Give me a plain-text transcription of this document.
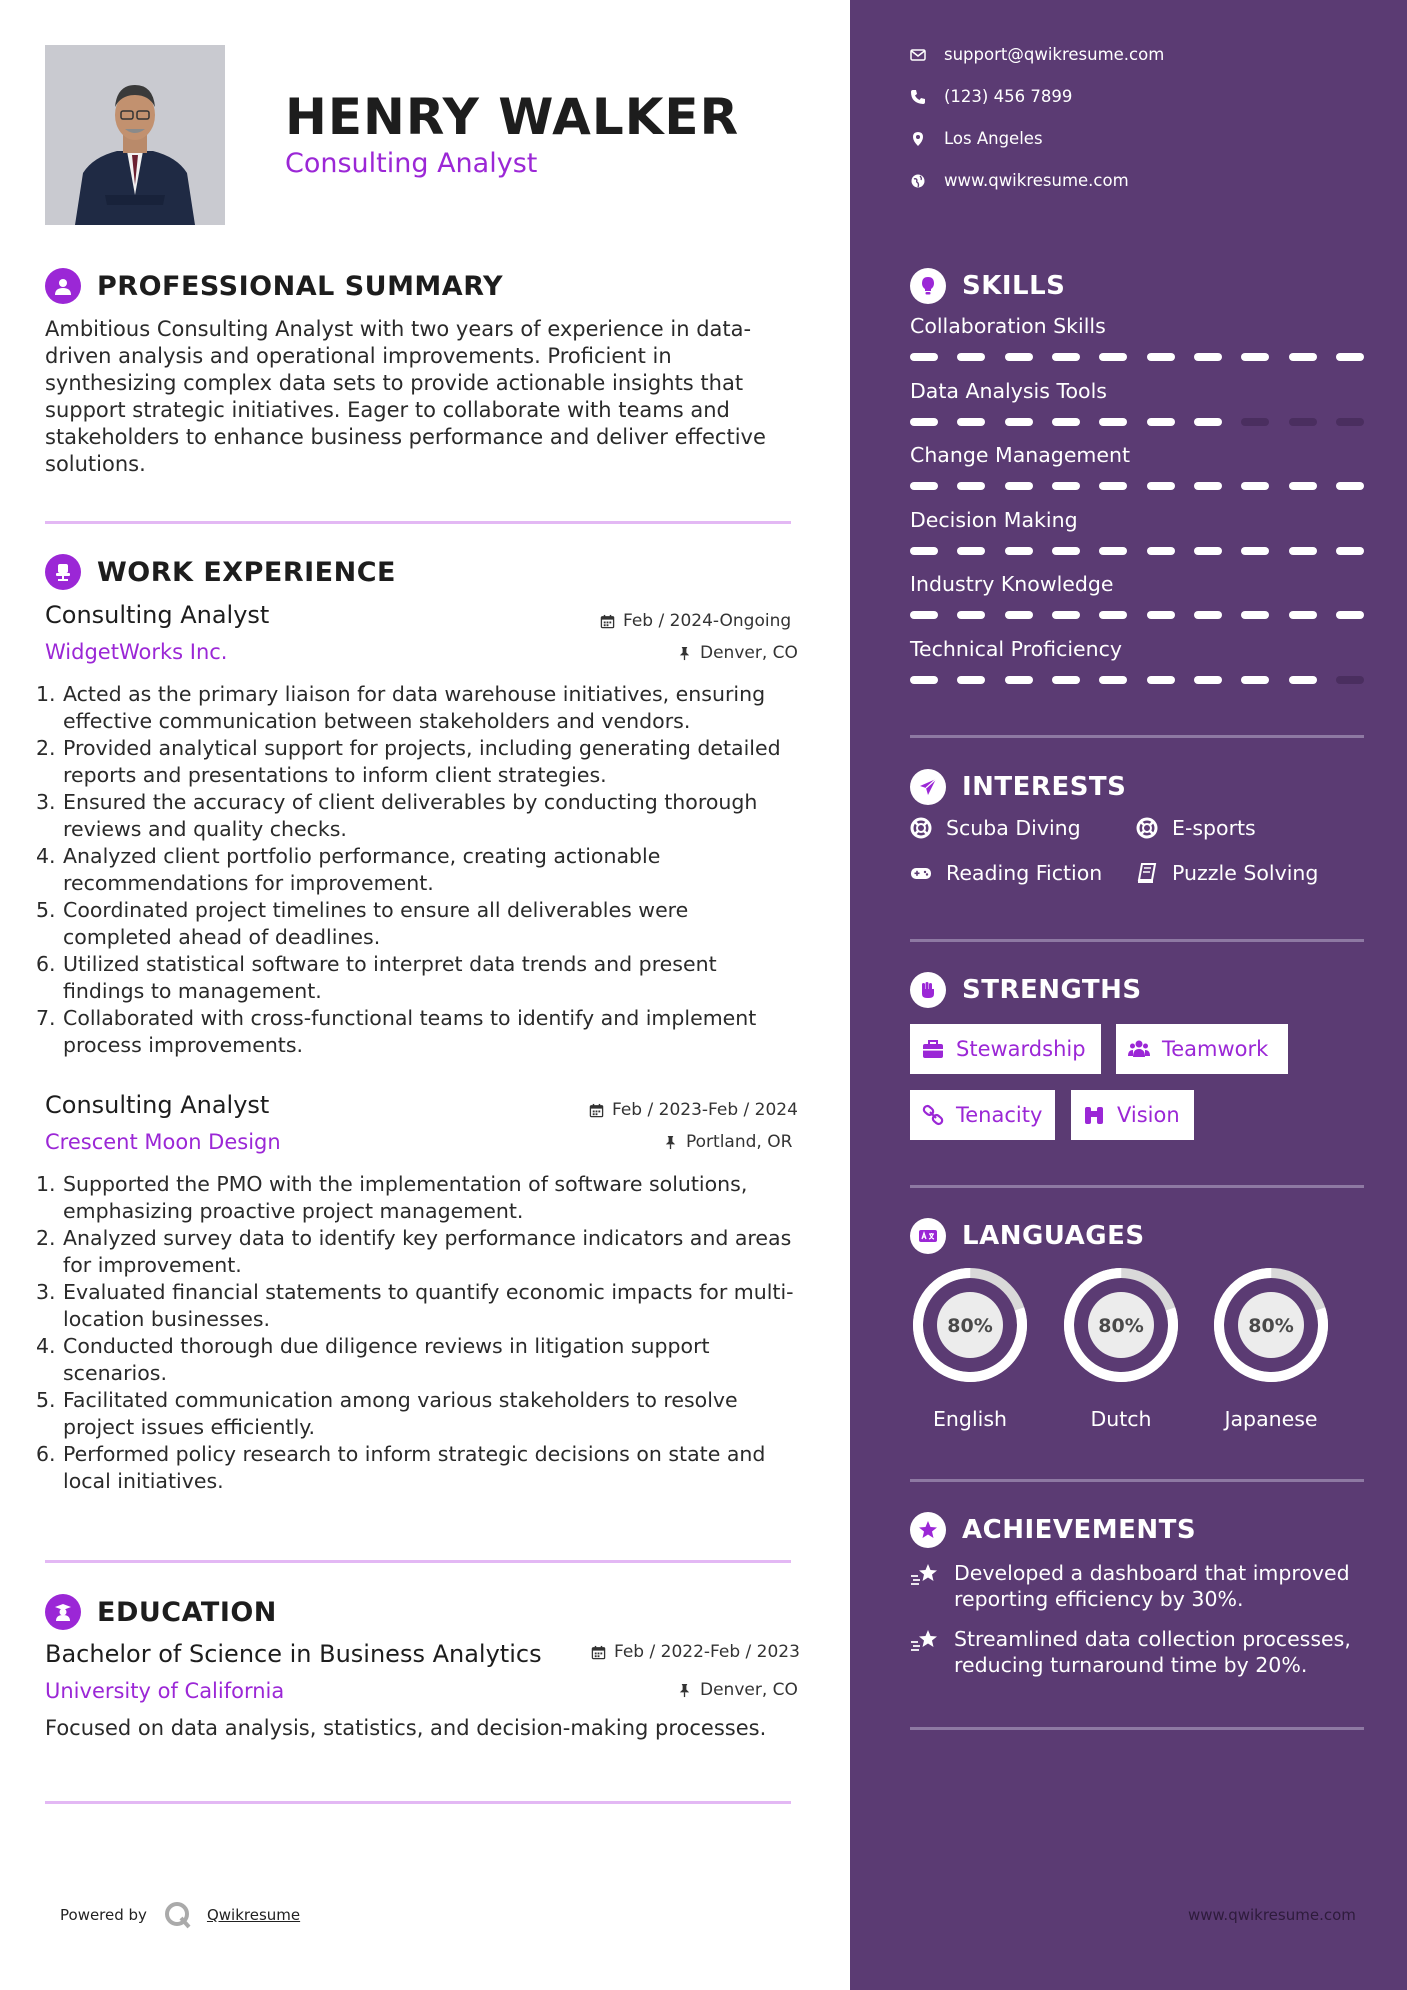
HENRY WALKER
Consulting Analyst
PROFESSIONAL SUMMARY
Ambitious Consulting Analyst with two years of experience in data-driven analysis and operational improvements. Proficient in synthesizing complex data sets to provide actionable insights that support strategic initiatives. Eager to collaborate with teams and stakeholders to enhance business performance and deliver effective solutions.
WORK EXPERIENCE
Consulting Analyst
WidgetWorks Inc.
Feb / 2024-Ongoing
Denver, CO
1. Acted as the primary liaison for data warehouse initiatives, ensuring effective communication between stakeholders and vendors.
2. Provided analytical support for projects, including generating detailed reports and presentations to inform client strategies.
3. Ensured the accuracy of client deliverables by conducting thorough reviews and quality checks.
4. Analyzed client portfolio performance, creating actionable recommendations for improvement.
5. Coordinated project timelines to ensure all deliverables were completed ahead of deadlines.
6. Utilized statistical software to interpret data trends and present findings to management.
7. Collaborated with cross-functional teams to identify and implement process improvements.
Consulting Analyst
Crescent Moon Design
Feb / 2023-Feb / 2024
Portland, OR
1. Supported the PMO with the implementation of software solutions, emphasizing proactive project management.
2. Analyzed survey data to identify key performance indicators and areas for improvement.
3. Evaluated financial statements to quantify economic impacts for multi-location businesses.
4. Conducted thorough due diligence reviews in litigation support scenarios.
5. Facilitated communication among various stakeholders to resolve project issues efficiently.
6. Performed policy research to inform strategic decisions on state and local initiatives.
EDUCATION
Bachelor of Science in Business Analytics
University of California
Feb / 2022-Feb / 2023
Denver, CO
Focused on data analysis, statistics, and decision-making processes.
Powered by	Qwikresume
support@qwikresume.com
(123) 456 7899
Los Angeles
www.qwikresume.com
SKILLS
Collaboration Skills
Data Analysis Tools
Change Management
Decision Making
Industry Knowledge
Technical Proficiency
INTERESTS
Scuba Diving	E-sports
Reading Fiction	Puzzle Solving
STRENGTHS
Stewardship	Teamwork
Tenacity	Vision
LANGUAGES
80%
English
80%
Dutch
80%
Japanese
ACHIEVEMENTS
Developed a dashboard that improved reporting efficiency by 30%.
Streamlined data collection processes, reducing turnaround time by 20%.
www.qwikresume.com
